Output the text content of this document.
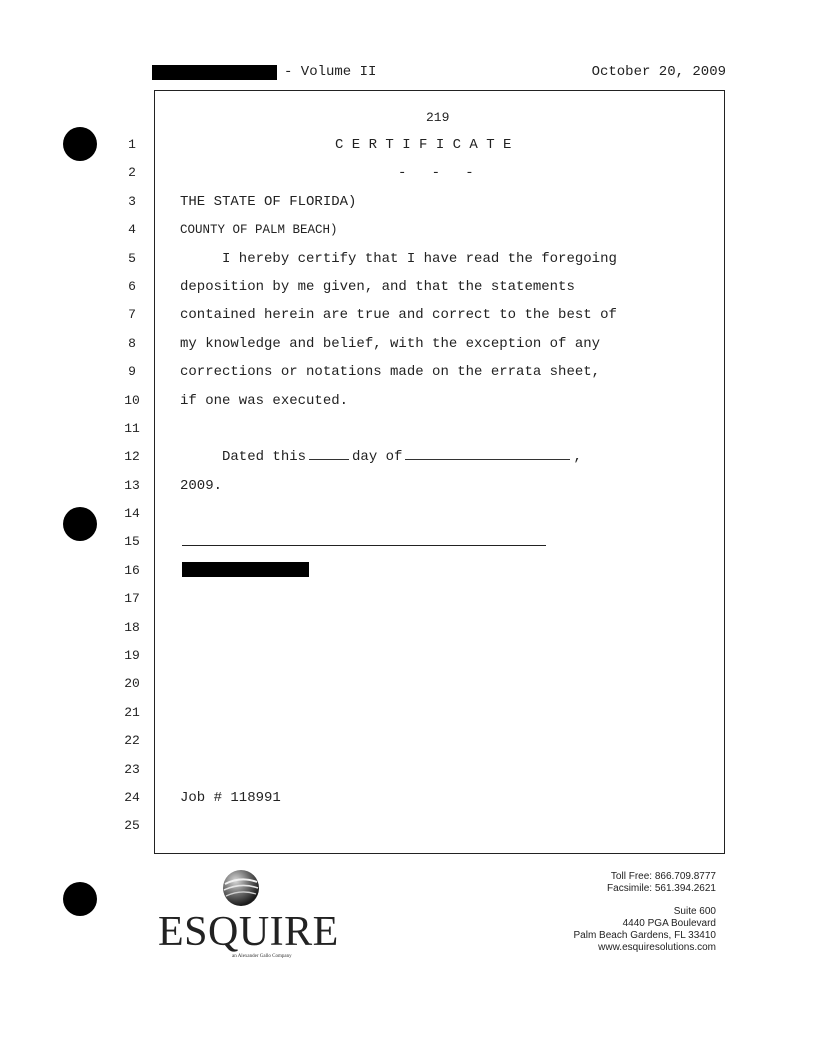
- Volume II	October 20, 2009
219
1
2
3
4
5
6
7
8
9
10
11
12
13
14
15
16
17
18
19
20
21
22
23
24
25
C E R T I F I C A T E
-   -   -
THE STATE OF FLORIDA)
COUNTY OF PALM BEACH)
I hereby certify that I have read the foregoing
deposition by me given, and that the statements
contained herein are true and correct to the best of
my knowledge and belief, with the exception of any
corrections or notations made on the errata sheet,
if one was executed.
Dated this	day of	,
2009.
Job # 118991
ESQUIRE
an Alexander Gallo Company
Toll Free: 866.709.8777
Facsimile: 561.394.2621
Suite 600
4440 PGA Boulevard
Palm Beach Gardens, FL 33410
www.esquiresolutions.com
